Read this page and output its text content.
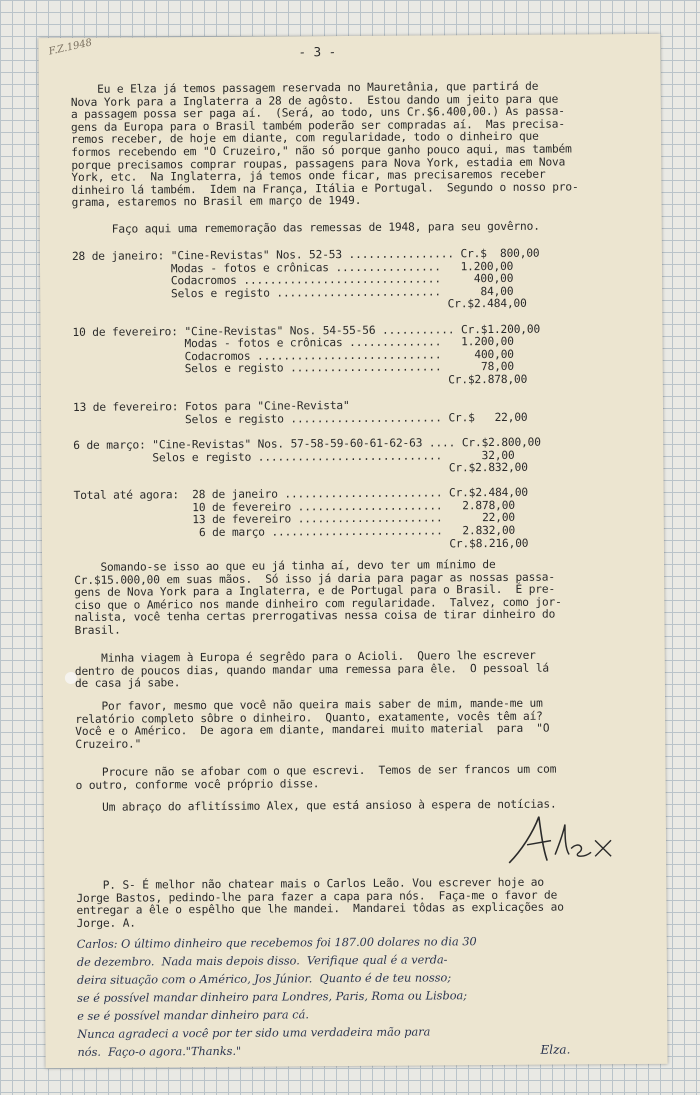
F.Z.1948	- 3 -
Eu e Elza já temos passagem reservada no Mauretânia, que partirá de
Nova York para a Inglaterra a 28 de agôsto.  Estou dando um jeito para que
a passagem possa ser paga aí.  (Será, ao todo, uns Cr.$6.400,00.) As passa-
gens da Europa para o Brasil também poderão ser compradas aí.  Mas precisa-
remos receber, de hoje em diante, com regularidade, todo o dinheiro que
formos recebendo em "O Cruzeiro," não só porque ganho pouco aqui, mas também
porque precisamos comprar roupas, passagens para Nova York, estadia em Nova
York, etc.  Na Inglaterra, já temos onde ficar, mas precisaremos receber
dinheiro lá também.  Idem na França, Itália e Portugal.  Segundo o nosso pro-
grama, estaremos no Brasil em março de 1949.
Faço aqui uma rememoração das remessas de 1948, para seu govêrno.
28 de janeiro: "Cine-Revistas" Nos. 52-53 ................ Cr.$  800,00
Modas - fotos e crônicas ................   1.200,00
Codacromos ..............................     400,00
Selos e registo .........................      84,00
Cr.$2.484,00

10 de fevereiro: "Cine-Revistas" Nos. 54-55-56 ........... Cr.$1.200,00
Modas - fotos e crônicas ..............   1.200,00
Codacromos ............................     400,00
Selos e registo .......................      78,00
Cr.$2.878,00

13 de fevereiro: Fotos para "Cine-Revista"
Selos e registo ....................... Cr.$   22,00

6 de março: "Cine-Revistas" Nos. 57-58-59-60-61-62-63 .... Cr.$2.800,00
Selos e registo ............................      32,00
Cr.$2.832,00

Total até agora:  28 de janeiro ........................ Cr.$2.484,00
10 de fevereiro ......................   2.878,00
13 de fevereiro ......................      22,00
6 de março ..........................   2.832,00
Cr.$8.216,00
Somando-se isso ao que eu já tinha aí, devo ter um mínimo de
Cr.$15.000,00 em suas mãos.  Só isso já daria para pagar as nossas passa-
gens de Nova York para a Inglaterra, e de Portugal para o Brasil.  É pre-
ciso que o Américo nos mande dinheiro com regularidade.  Talvez, como jor-
nalista, você tenha certas prerrogativas nessa coisa de tirar dinheiro do
Brasil.
Minha viagem à Europa é segrêdo para o Acioli.  Quero lhe escrever
dentro de poucos dias, quando mandar uma remessa para êle.  O pessoal lá
de casa já sabe.
Por favor, mesmo que você não queira mais saber de mim, mande-me um
relatório completo sôbre o dinheiro.  Quanto, exatamente, vocês têm aí?
Você e o Américo.  De agora em diante, mandarei muito material  para  "O
Cruzeiro."
Procure não se afobar com o que escrevi.  Temos de ser francos um com
o outro, conforme você próprio disse.
Um abraço do aflitíssimo Alex, que está ansioso à espera de notícias.
P. S- É melhor não chatear mais o Carlos Leão. Vou escrever hoje ao
Jorge Bastos, pedindo-lhe para fazer a capa para nós.  Faça-me o favor de
entregar a êle o espêlho que lhe mandei.  Mandarei tôdas as explicações ao
Jorge. A.
Carlos: O último dinheiro que recebemos foi 187.00 dolares no dia 30
de dezembro.  Nada mais depois disso.  Verifique qual é a verda-
deira situação com o Américo, Jos Júnior.  Quanto é de teu nosso;
se é possível mandar dinheiro para Londres, Paris, Roma ou Lisboa;
e se é possível mandar dinheiro para cá.
Nunca agradeci a você por ter sido uma verdadeira mão para
nós.  Faço-o agora."Thanks."	Elza.
